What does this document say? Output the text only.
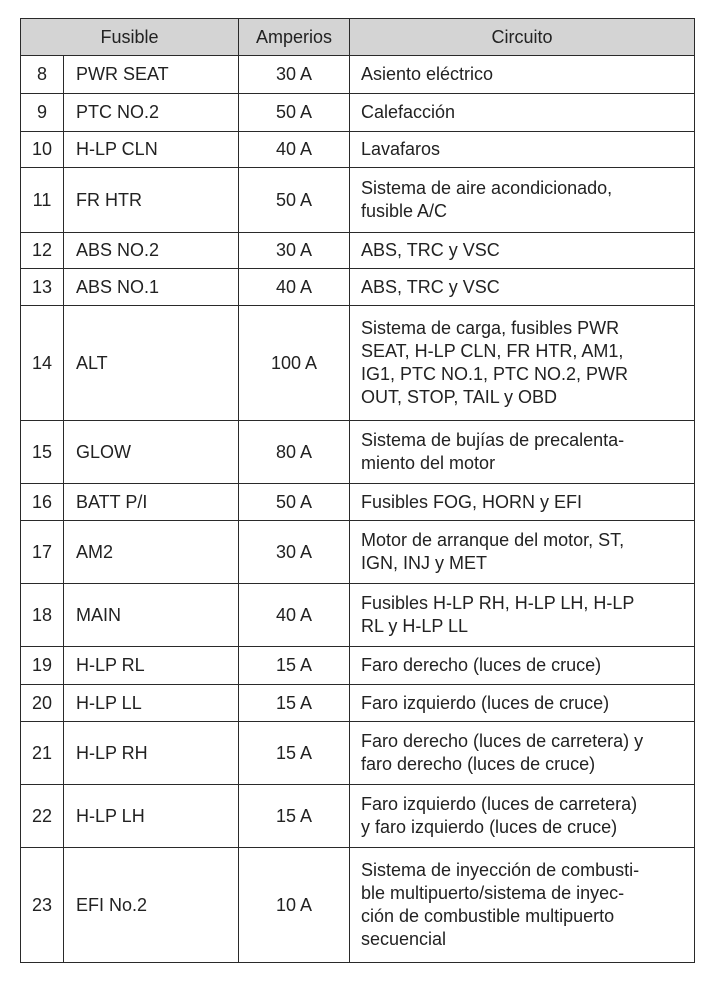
Fusible		Amperios	Circuito
8	PWR SEAT	30 A	Asiento eléctrico

9	PTC NO.2	50 A	Calefacción

10	H-LP CLN	40 A	Lavafaros

11	FR HTR	50 A	Sistema de aire acondicionado,
fusible A/C

12	ABS NO.2	30 A	ABS, TRC y VSC

13	ABS NO.1	40 A	ABS, TRC y VSC

14	ALT	100 A	Sistema de carga, fusibles PWR
SEAT, H-LP CLN, FR HTR, AM1,
IG1, PTC NO.1, PTC NO.2, PWR
OUT, STOP, TAIL y OBD

15	GLOW	80 A	Sistema de bujías de precalenta-
miento del motor

16	BATT P/I	50 A	Fusibles FOG, HORN y EFI

17	AM2	30 A	Motor de arranque del motor, ST,
IGN, INJ y MET

18	MAIN	40 A	Fusibles H-LP RH, H-LP LH, H-LP
RL y H-LP LL

19	H-LP RL	15 A	Faro derecho (luces de cruce)

20	H-LP LL	15 A	Faro izquierdo (luces de cruce)

21	H-LP RH	15 A	Faro derecho (luces de carretera) y
faro derecho (luces de cruce)

22	H-LP LH	15 A	Faro izquierdo (luces de carretera)
y faro izquierdo (luces de cruce)

23	EFI No.2	10 A	Sistema de inyección de combusti-
ble multipuerto/sistema de inyec-
ción de combustible multipuerto
secuencial
